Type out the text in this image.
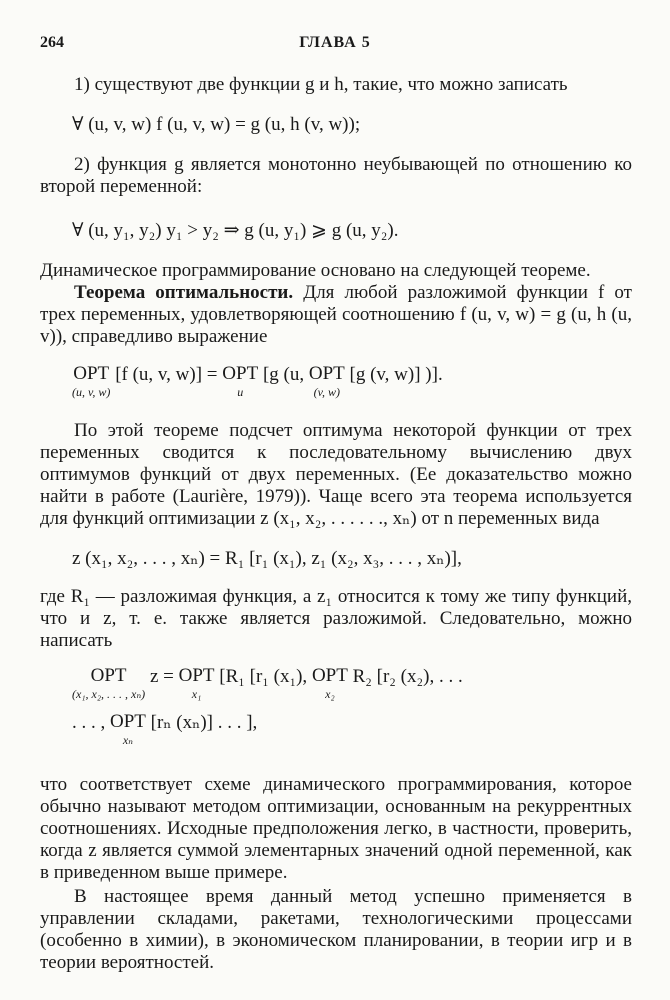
264	ГЛАВА 5

1) существуют две функции g и h, такие, что можно записать

∀ (u, v, w) f (u, v, w) = g (u, h (v, w));

2) функция g является монотонно неубывающей по отношению ко второй переменной:

∀ (u, y₁, y₂) y₁ > y₂ ⇒ g (u, y₁) ⩾ g (u, y₂).

Динамическое программирование основано на следующей теореме.

Теорема оптимальности. Для любой разложимой функции f от трех переменных, удовлетворяющей соотношению f (u, v, w) = g (u, h (u, v)), справедливо выражение

OPT
(u, v, w)
[f (u, v, w)] = OPT
u
[g (u, OPT
(v, w)
[g (v, w)] )].

По этой теореме подсчет оптимума некоторой функции от трех переменных сводится к последовательному вычислению двух оптимумов функций от двух переменных. (Ее доказательство можно найти в работе (Laurière, 1979)). Чаще всего эта теорема используется для функций оптимизации z (x₁, x₂, . . . . . ., xₙ) от n переменных вида

z (x₁, x₂, . . . , xₙ) = R₁ [r₁ (x₁), z₁ (x₂, x₃, . . . , xₙ)],

где R₁ — разложимая функция, а z₁ относится к тому же типу функций, что и z, т. е. также является разложимой. Следовательно, можно написать

OPT
(x₁, x₂, . . . , xₙ)
z = OPT
x₁
[R₁ [r₁ (x₁), OPT
x₂
R₂ [r₂ (x₂), . . .
. . . , OPT
xₙ
[rₙ (xₙ)] . . . ],

что соответствует схеме динамического программирования, которое обычно называют методом оптимизации, основанным на рекуррентных соотношениях. Исходные предположения легко, в частности, проверить, когда z является суммой элементарных значений одной переменной, как в приведенном выше примере.

В настоящее время данный метод успешно применяется в управлении складами, ракетами, технологическими процессами (особенно в химии), в экономическом планировании, в теории игр и в теории вероятностей.
